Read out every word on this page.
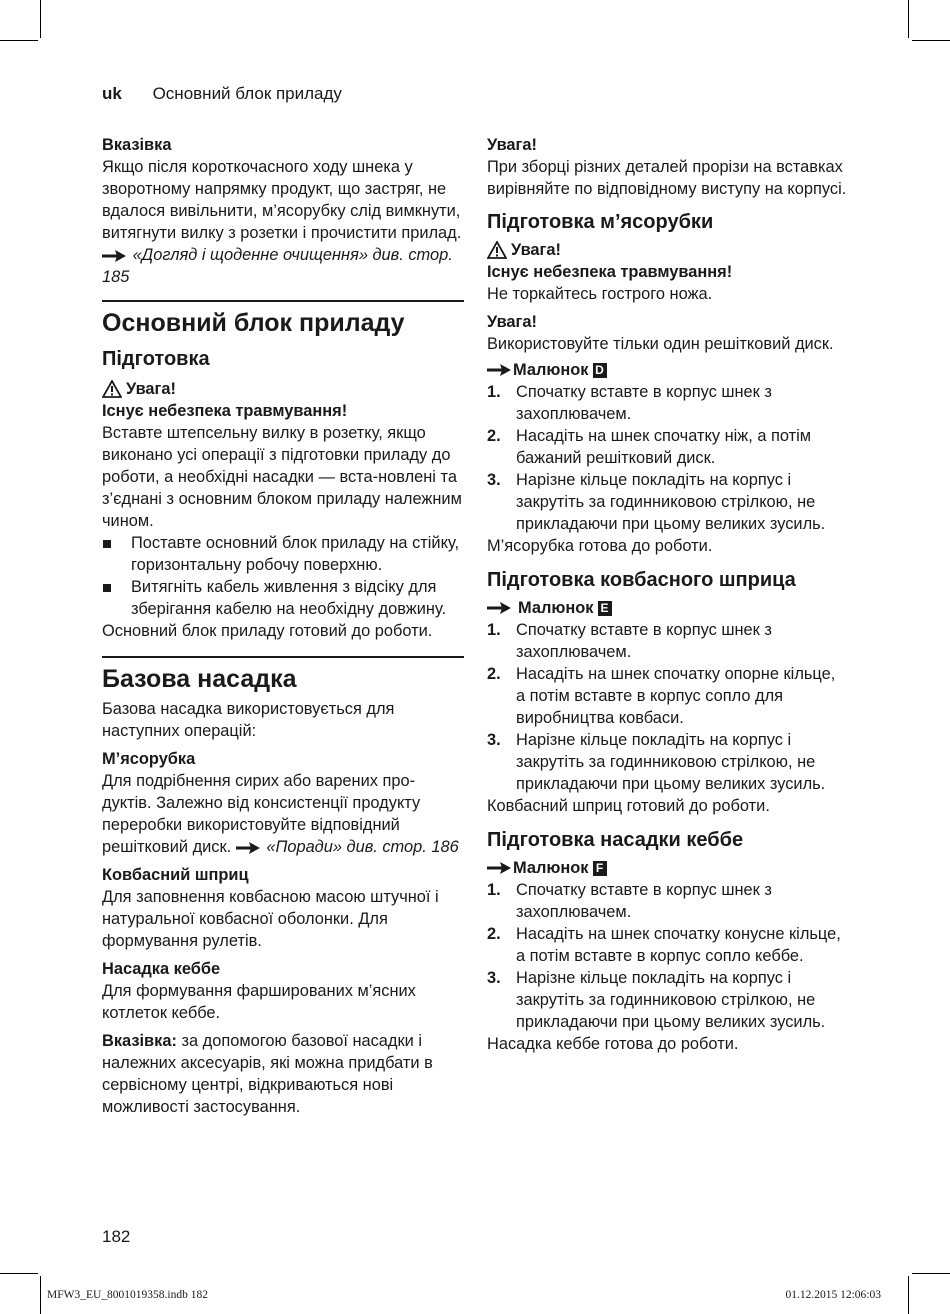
uk Основний блок приладу

Вказівка

Якщо після короткочасного ходу шнека у зворотному напрямку продукт, що застряг, не вдалося вивільнити, м’ясорубку слід вимкнути, витягнути вилку з розетки і прочистити прилад.  «Догляд і щоденне очищення» див. стор. 185

Основний блок приладу
Підготовка
Увага!

Існує небезпека травмування!

Вставте штепсельну вилку в розетку, якщо виконано усі операції з підготовки приладу до роботи, а необхідні насадки — вста-новлені та з’єднані з основним блоком приладу належним чином.

Поставте основний блок приладу на стійку, горизонтальну робочу поверхню.
Витягніть кабель живлення з відсіку для зберігання кабелю на необхідну довжину.

Основний блок приладу готовий до роботи.

Базова насадка

Базова насадка використовується для наступних операцій:

М’ясорубка

Для подрібнення сирих або варених про-дуктів. Залежно від консистенції продукту переробки використовуйте відповідний решітковий диск. «Поради» див. стор. 186

Ковбасний шприц

Для заповнення ковбасною масою штучної і натуральної ковбасної оболонки. Для формування рулетів.

Насадка кеббе

Для формування фаршированих м’ясних котлеток кеббе.

Вказівка: за допомогою базової насадки і належних аксесуарів, які можна придбати в сервісному центрі, відкриваються нові можливості застосування.

Увага!

При зборці різних деталей прорізи на вставках вирівняйте по відповідному виступу на корпусі.

Підготовка м’ясорубки
Увага!

Існує небезпека травмування!

Не торкайтесь гострого ножа.

Увага!

Використовуйте тільки один решітковий диск.

Малюнок D
1. Спочатку вставте в корпус шнек з захоплювачем.
2. Насадіть на шнек спочатку ніж, а потім бажаний решітковий диск.
3. Нарізне кільце покладіть на корпус і закрутіть за годинниковою стрілкою, не прикладаючи при цьому великих зусиль.

М’ясорубка готова до роботи.

Підготовка ковбасного шприца
Малюнок E
1. Спочатку вставте в корпус шнек з захоплювачем.
2. Насадіть на шнек спочатку опорне кільце, а потім вставте в корпус сопло для виробництва ковбаси.
3. Нарізне кільце покладіть на корпус і закрутіть за годинниковою стрілкою, не прикладаючи при цьому великих зусиль.

Ковбасний шприц готовий до роботи.

Підготовка насадки кеббе
Малюнок F
1. Спочатку вставте в корпус шнек з захоплювачем.
2. Насадіть на шнек спочатку конусне кільце, а потім вставте в корпус сопло кеббе.
3. Нарізне кільце покладіть на корпус і закрутіть за годинниковою стрілкою, не прикладаючи при цьому великих зусиль.

Насадка кеббе готова до роботи.

182
MFW3_EU_8001019358.indb 182	01.12.2015 12:06:03
